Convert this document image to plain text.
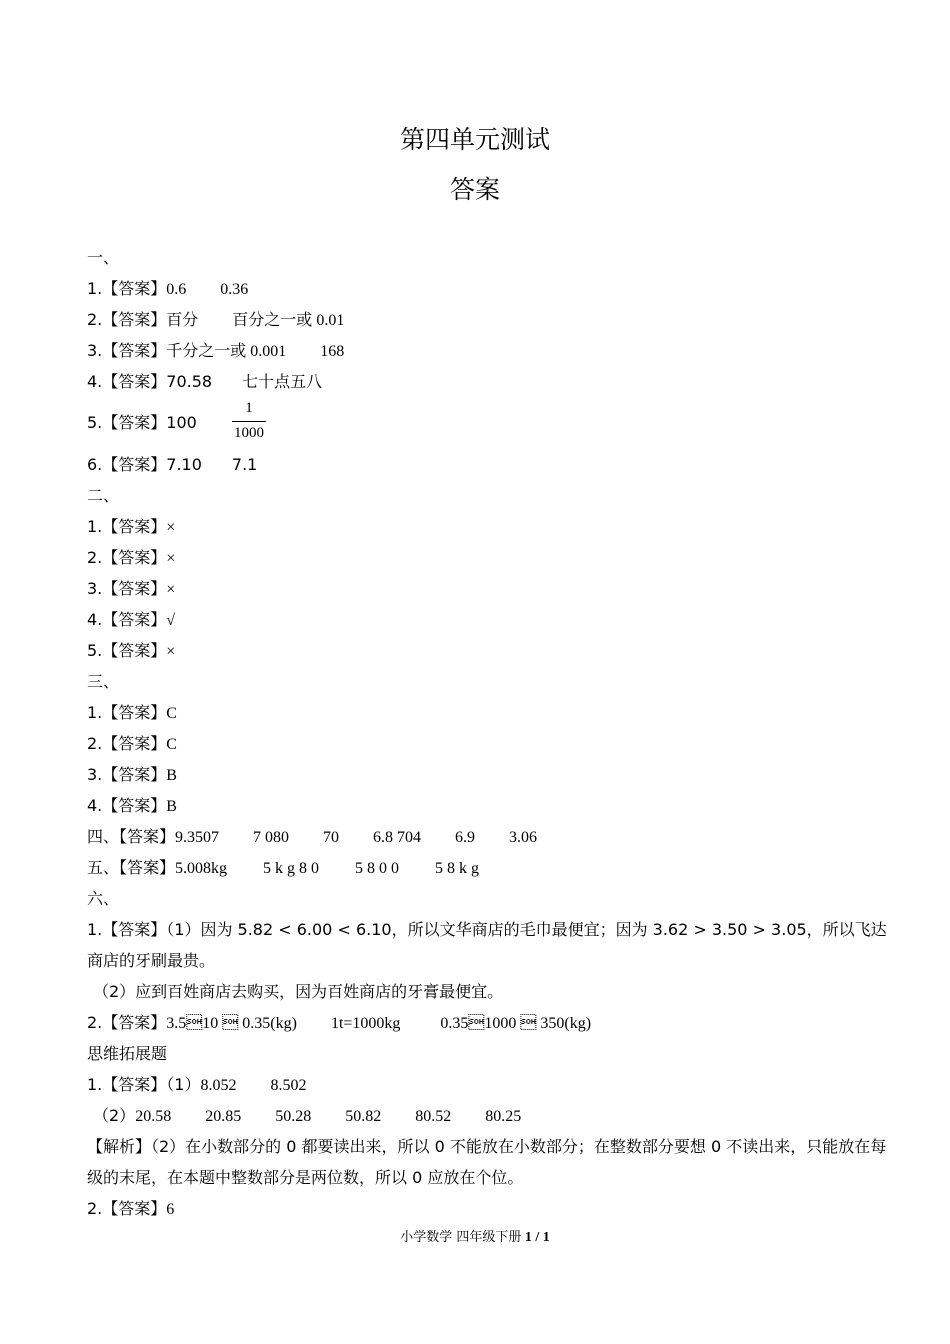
第四单元测试
答案
一、
1.【答案】0.6 0.36
2.【答案】百分 百分之一或 0.01
3.【答案】千分之一或 0.001 168
4.【答案】70.58 七十点五八
5.【答案】100
1
1000
6.【答案】7.10 7.1
二、
1.【答案】×
2.【答案】×
3.【答案】×
4.【答案】√
5.【答案】×
三、
1.【答案】C
2.【答案】C
3.【答案】B
4.【答案】B
四、【答案】9.3507 7 080 70 6.8 704 6.9 3.06
五、【答案】5.008kg 5 k g 8 0 5 8 0 0 5 8 k g
六、
1.【答案】（1）因为 5.82 < 6.00 < 6.10，所以文华商店的毛巾最便宜；因为 3.62 > 3.50 > 3.05，所以飞达商店的牙刷最贵。
（2）应到百姓商店去购买，因为百姓商店的牙膏最便宜。
2.【答案】3.510  0.35(kg) 1t=1000kg	0.351000  350(kg)
思维拓展题
1.【答案】（1）8.052 8.502
（2）20.58 20.85 50.28 50.82 80.52 80.25
【解析】（2）在小数部分的 0 都要读出来，所以 0 不能放在小数部分；在整数部分要想 0 不读出来，只能放在每级的末尾，在本题中整数部分是两位数，所以 0 应放在个位。
2.【答案】6
小学数学 四年级下册 1 / 1
